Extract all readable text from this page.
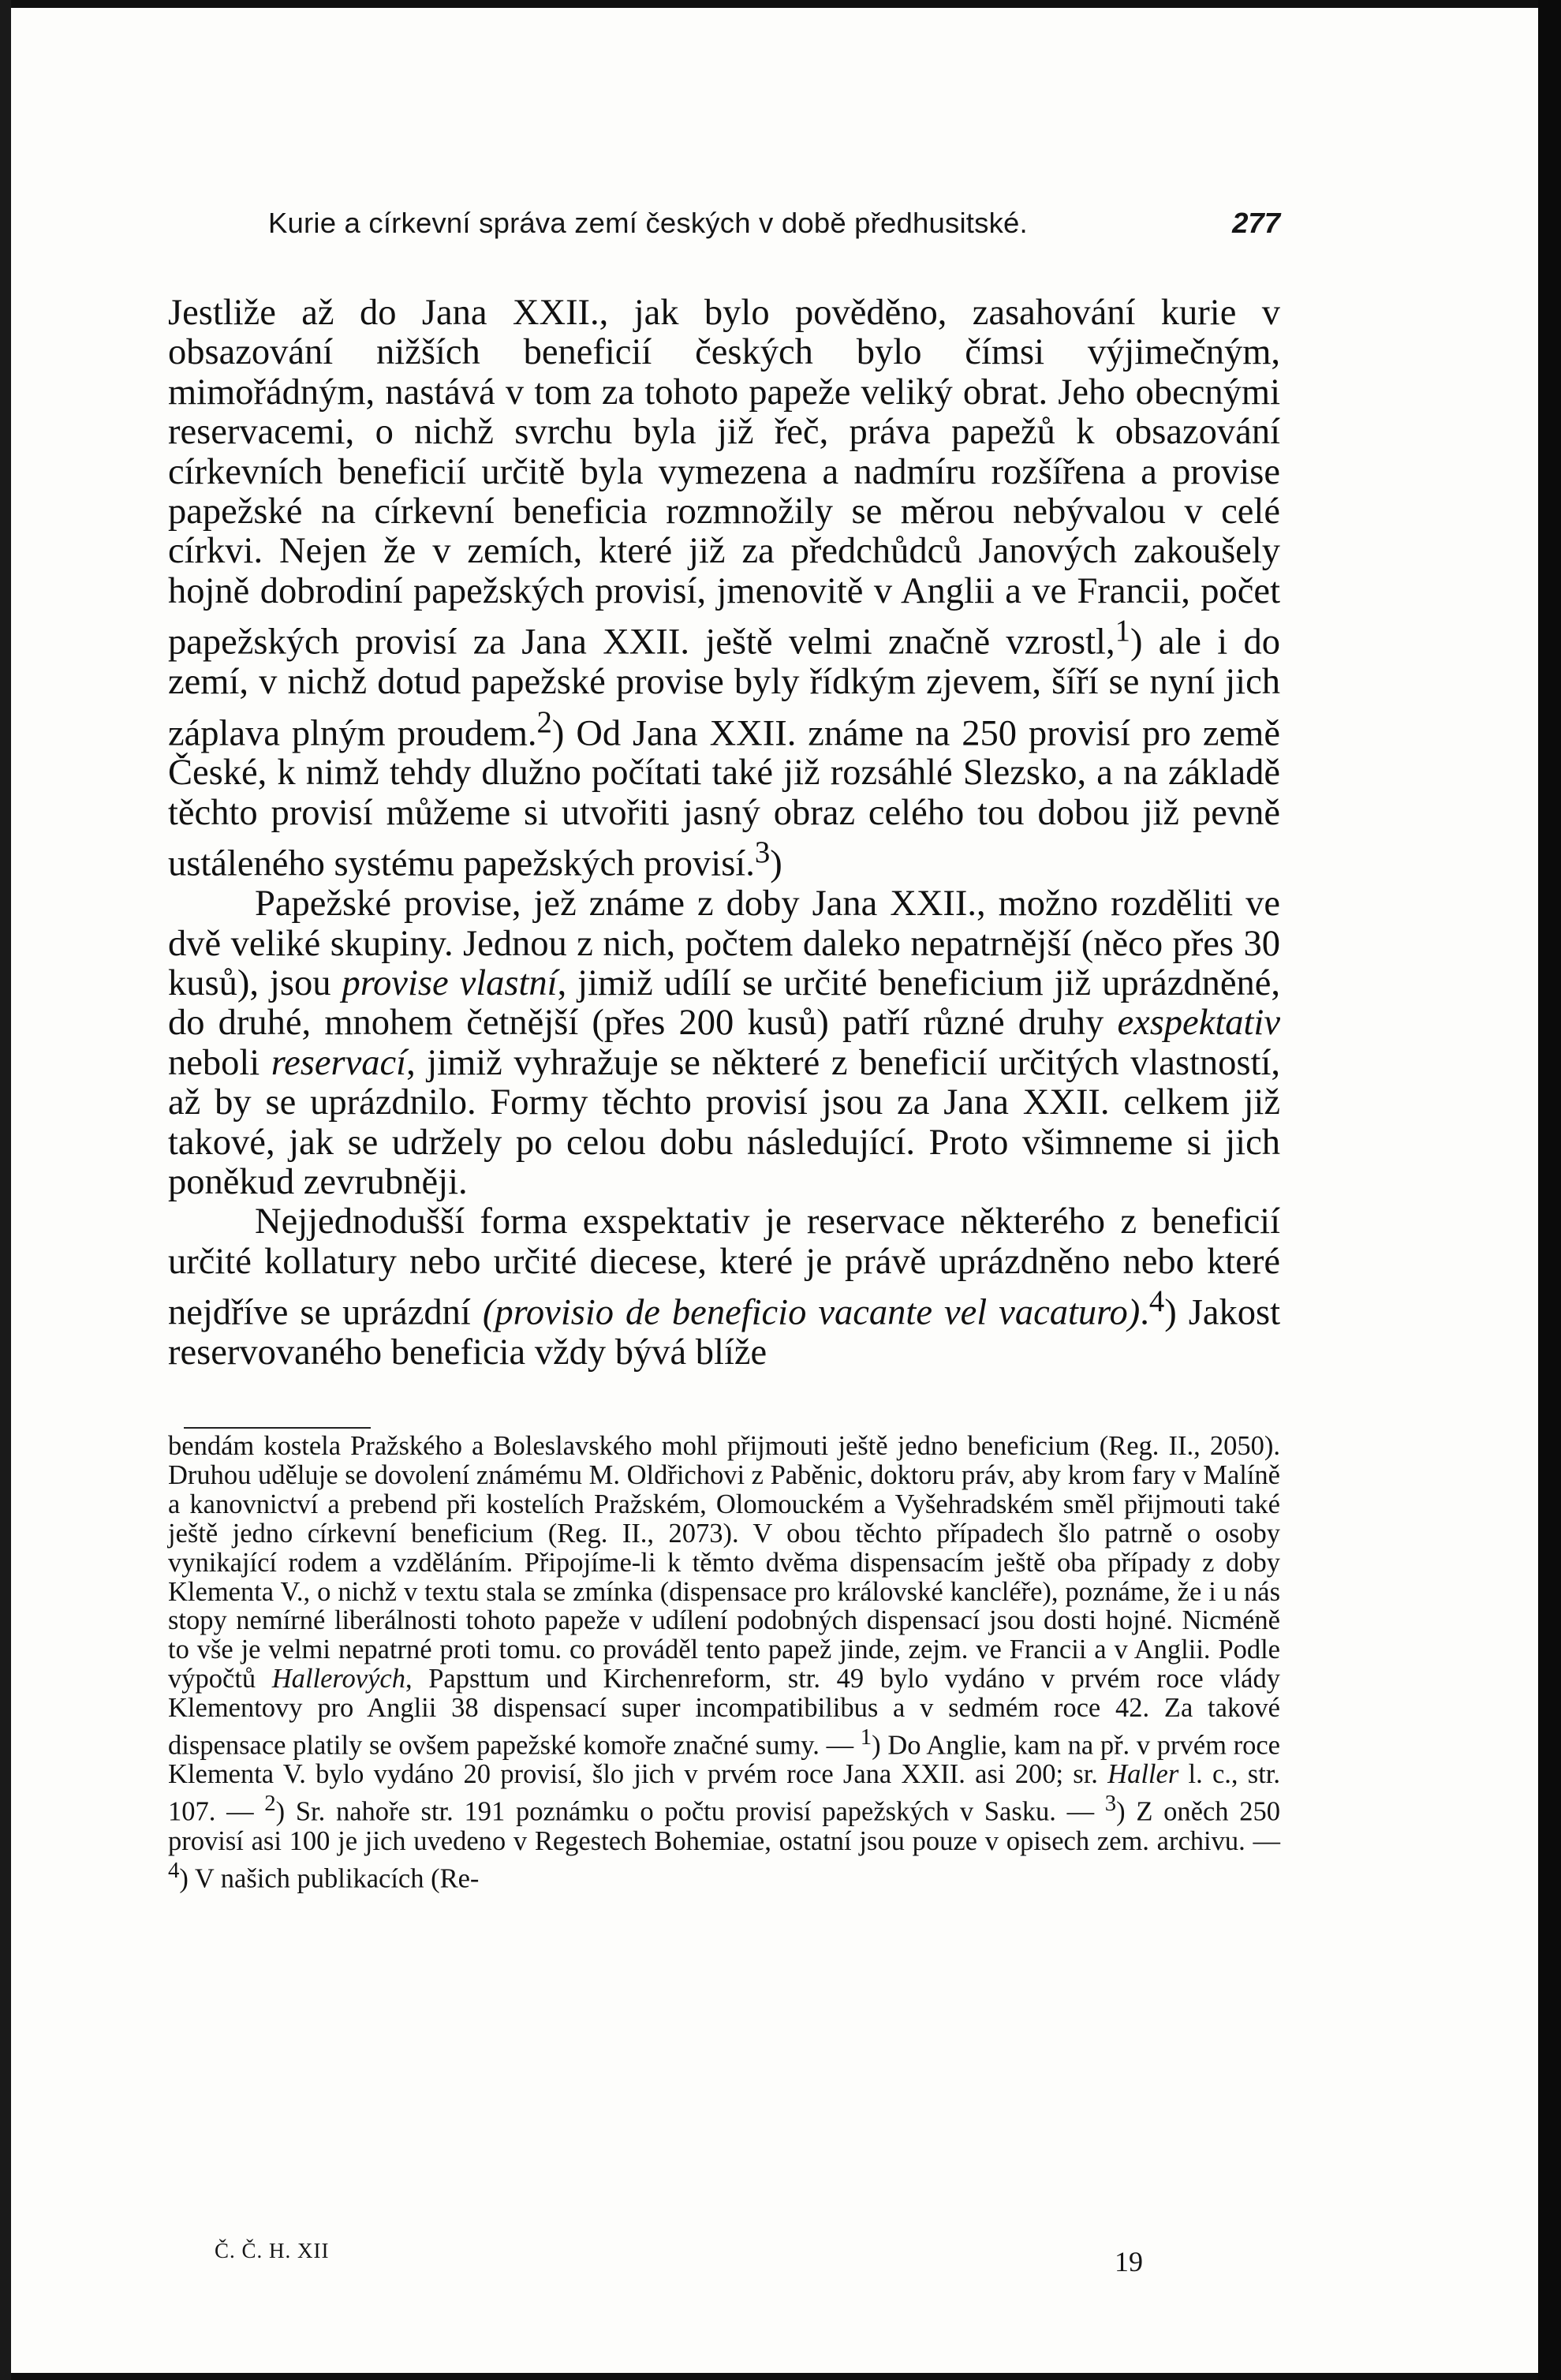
Kurie a církevní správa zemí českých v době předhusitské.	277

Jestliže až do Jana XXII., jak bylo pověděno, zasahování kurie v obsazování nižších beneficií českých bylo čímsi výjimečným, mimořádným, nastává v tom za tohoto papeže veliký obrat. Jeho obecnými reservacemi, o nichž svrchu byla již řeč, práva papežů k obsazování církevních beneficií určitě byla vymezena a nadmíru rozšířena a provise papežské na církevní beneficia rozmnožily se měrou nebývalou v celé církvi. Nejen že v zemích, které již za předchůdců Janových zakoušely hojně dobrodiní papežských provisí, jmenovitě v Anglii a ve Francii, počet papežských provisí za Jana XXII. ještě velmi značně vzrostl,$^1$) ale i do zemí, v nichž dotud papežské provise byly řídkým zjevem, šíří se nyní jich záplava plným proudem.$^2$) Od Jana XXII. známe na 250 provisí pro země České, k nimž tehdy dlužno počítati také již rozsáhlé Slezsko, a na základě těchto provisí můžeme si utvořiti jasný obraz celého tou dobou již pevně ustáleného systému papežských provisí.$^3$)

Papežské provise, jež známe z doby Jana XXII., možno rozděliti ve dvě veliké skupiny. Jednou z nich, počtem daleko nepatrnější (něco přes 30 kusů), jsou provise vlastní, jimiž udílí se určité beneficium již uprázdněné, do druhé, mnohem četnější (přes 200 kusů) patří různé druhy exspektativ neboli reservací, jimiž vyhražuje se některé z beneficií určitých vlastností, až by se uprázdnilo. Formy těchto provisí jsou za Jana XXII. celkem již takové, jak se udržely po celou dobu následující. Proto všimneme si jich poněkud zevrubněji.

Nejjednodušší forma exspektativ je reservace některého z beneficií určité kollatury nebo určité diecese, které je právě uprázdněno nebo které nejdříve se uprázdní (provisio de beneficio vacante vel vacaturo).$^4$) Jakost reservovaného beneficia vždy bývá blíže

bendám kostela Pražského a Boleslavského mohl přijmouti ještě jedno beneficium (Reg. II., 2050). Druhou uděluje se dovolení známému M. Oldřichovi z Paběnic, doktoru práv, aby krom fary v Malíně a kanovnictví a prebend při kostelích Pražském, Olomouckém a Vyšehradském směl přijmouti také ještě jedno církevní beneficium (Reg. II., 2073). V obou těchto případech šlo patrně o osoby vynikající rodem a vzděláním. Připojíme-li k těmto dvěma dispensacím ještě oba případy z doby Klementa V., o nichž v textu stala se zmínka (dispensace pro královské kancléře), poznáme, že i u nás stopy nemírné liberálnosti tohoto papeže v udílení podobných dispensací jsou dosti hojné. Nicméně to vše je velmi nepatrné proti tomu. co prováděl tento papež jinde, zejm. ve Francii a v Anglii. Podle výpočtů Hallerových, Papsttum und Kirchenreform, str. 49 bylo vydáno v prvém roce vlády Klementovy pro Anglii 38 dispensací super incompatibilibus a v sedmém roce 42. Za takové dispensace platily se ovšem papežské komoře značné sumy. — $^1$) Do Anglie, kam na př. v prvém roce Klementa V. bylo vydáno 20 provisí, šlo jich v prvém roce Jana XXII. asi 200; sr. Haller l. c., str. 107. — $^2$) Sr. nahoře str. 191 poznámku o počtu provisí papežských v Sasku. — $^3$) Z oněch 250 provisí asi 100 je jich uvedeno v Regestech Bohemiae, ostatní jsou pouze v opisech zem. archivu. — $^4$) V našich publikacích (Re-

Č. Č. H. XII	19
